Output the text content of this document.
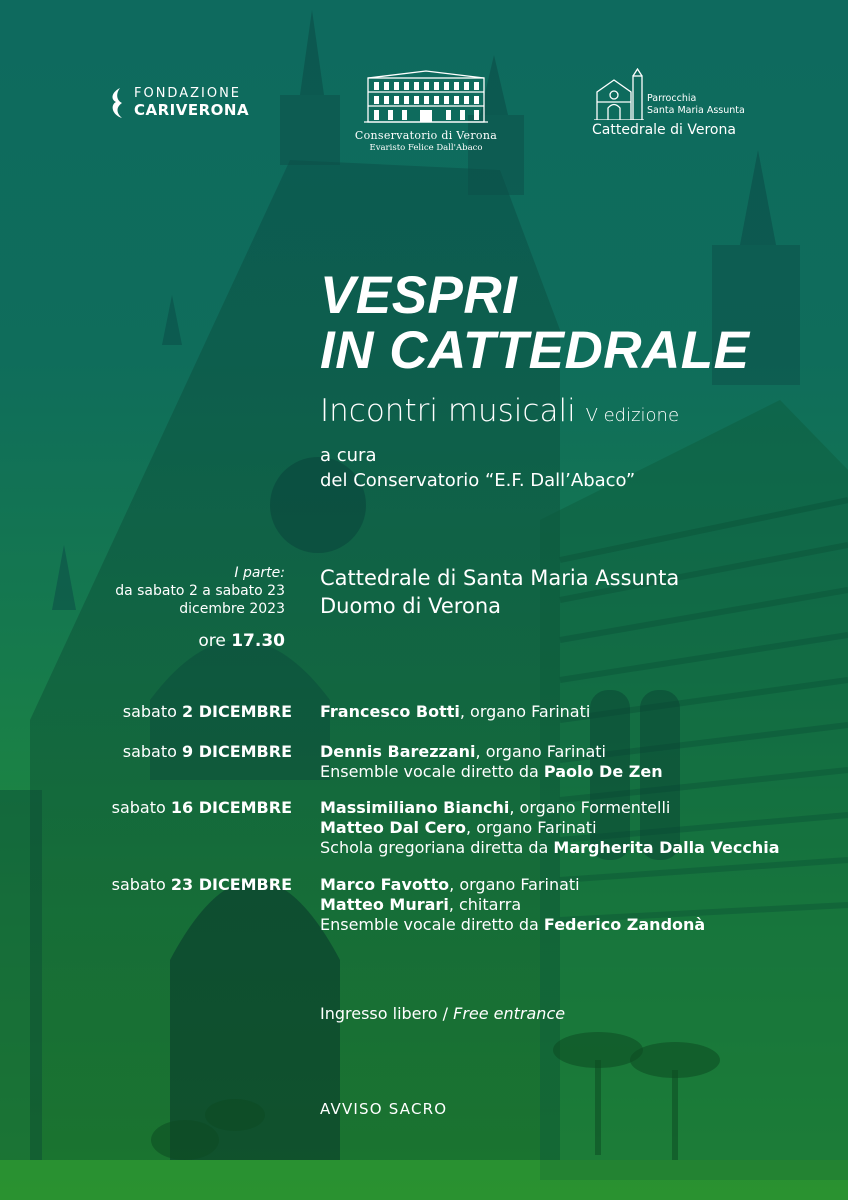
FONDAZIONE
CARIVERONA
Conservatorio di Verona
Evaristo Felice Dall'Abaco
Parrocchia
Santa Maria Assunta
Cattedrale di Verona
VESPRI
IN CATTEDRALE
Incontri musicali V edizione
a cura
del Conservatorio “E.F. Dall’Abaco”
I parte:
da sabato 2 a sabato 23
dicembre 2023
ore 17.30
Cattedrale di Santa Maria Assunta
Duomo di Verona
sabato 2 DICEMBRE Francesco Botti, organo Farinati
sabato 9 DICEMBRE Dennis Barezzani, organo Farinati
Ensemble vocale diretto da Paolo De Zen
sabato 16 DICEMBRE Massimiliano Bianchi, organo Formentelli
Matteo Dal Cero, organo Farinati
Schola gregoriana diretta da Margherita Dalla Vecchia
sabato 23 DICEMBRE Marco Favotto, organo Farinati
Matteo Murari, chitarra
Ensemble vocale diretto da Federico Zandonà
Ingresso libero / Free entrance
AVVISO SACRO
